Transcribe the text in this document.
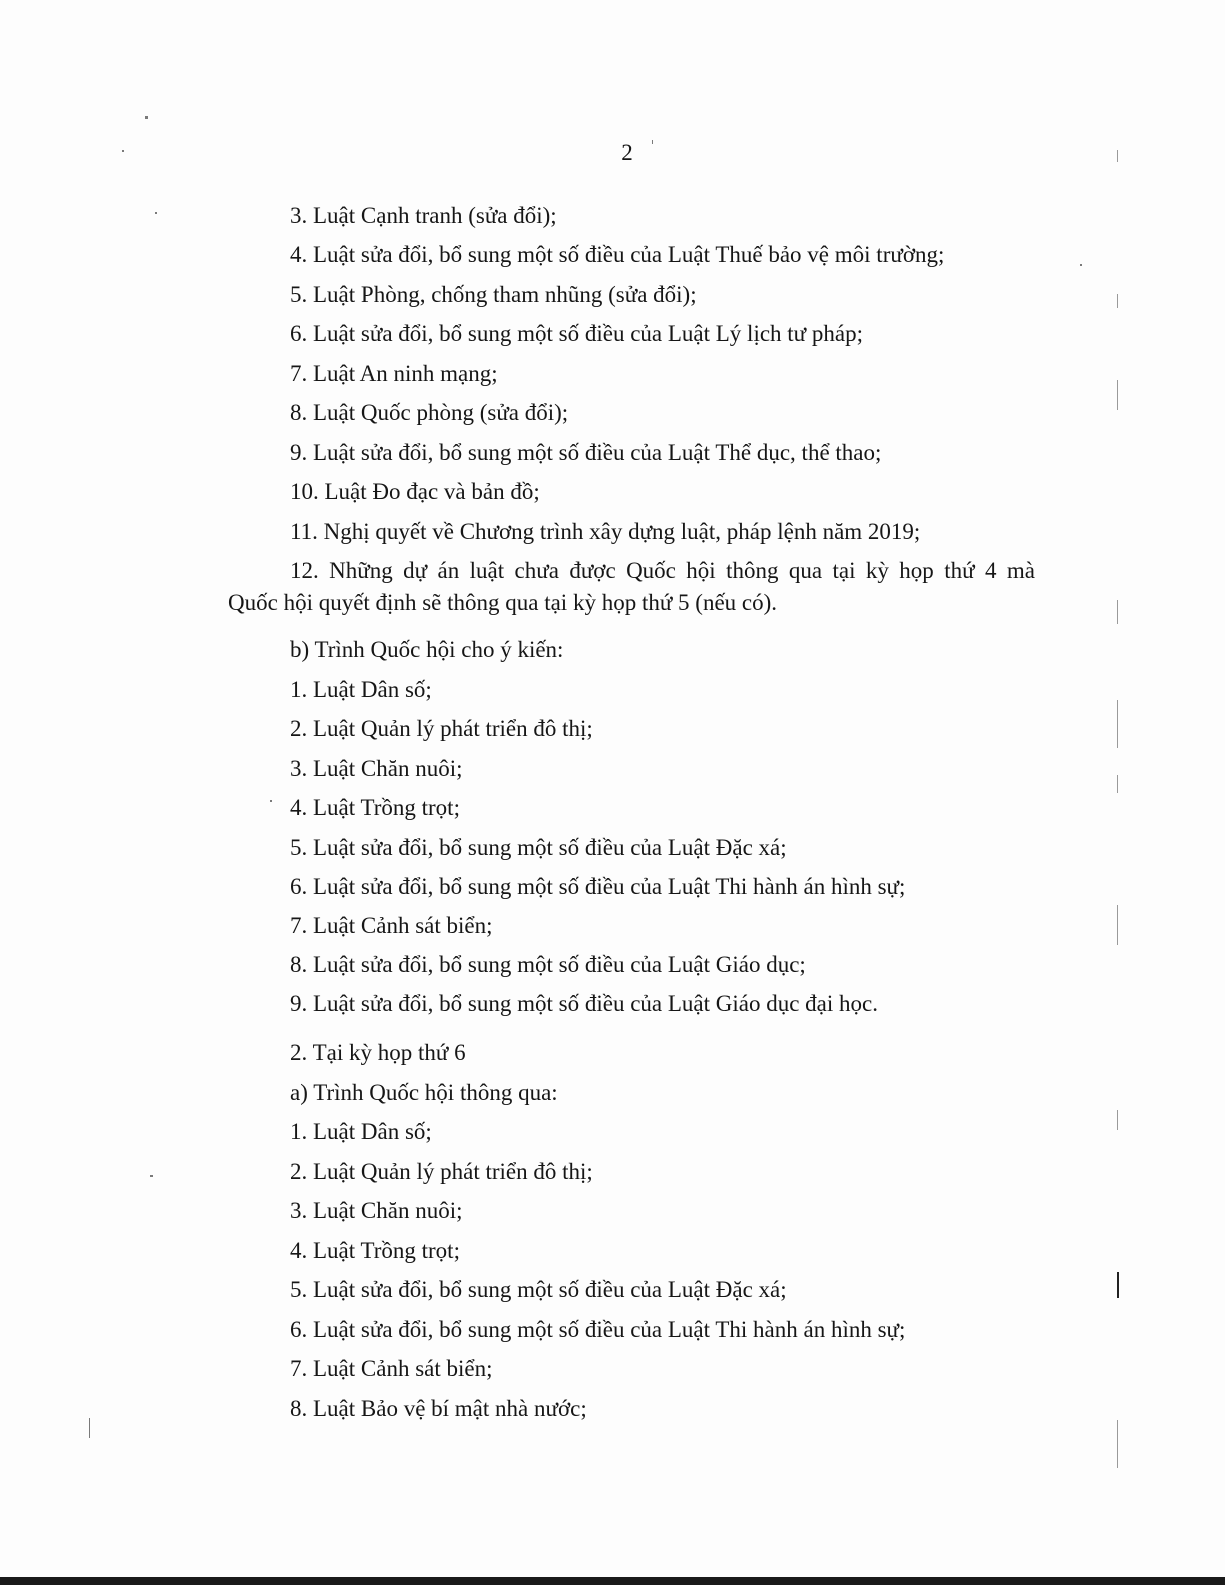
2
3. Luật Cạnh tranh (sửa đổi);
4. Luật sửa đổi, bổ sung một số điều của Luật Thuế bảo vệ môi trường;
5. Luật Phòng, chống tham nhũng (sửa đổi);
6. Luật sửa đổi, bổ sung một số điều của Luật Lý lịch tư pháp;
7. Luật An ninh mạng;
8. Luật Quốc phòng (sửa đổi);
9. Luật sửa đổi, bổ sung một số điều của Luật Thể dục, thể thao;
10. Luật Đo đạc và bản đồ;
11. Nghị quyết về Chương trình xây dựng luật, pháp lệnh năm 2019;
12. Những dự án luật chưa được Quốc hội thông qua tại kỳ họp thứ 4 mà
Quốc hội quyết định sẽ thông qua tại kỳ họp thứ 5 (nếu có).
b) Trình Quốc hội cho ý kiến:
1. Luật Dân số;
2. Luật Quản lý phát triển đô thị;
3. Luật Chăn nuôi;
4. Luật Trồng trọt;
5. Luật sửa đổi, bổ sung một số điều của Luật Đặc xá;
6. Luật sửa đổi, bổ sung một số điều của Luật Thi hành án hình sự;
7. Luật Cảnh sát biển;
8. Luật sửa đổi, bổ sung một số điều của Luật Giáo dục;
9. Luật sửa đổi, bổ sung một số điều của Luật Giáo dục đại học.
2. Tại kỳ họp thứ 6
a) Trình Quốc hội thông qua:
1. Luật Dân số;
2. Luật Quản lý phát triển đô thị;
3. Luật Chăn nuôi;
4. Luật Trồng trọt;
5. Luật sửa đổi, bổ sung một số điều của Luật Đặc xá;
6. Luật sửa đổi, bổ sung một số điều của Luật Thi hành án hình sự;
7. Luật Cảnh sát biển;
8. Luật Bảo vệ bí mật nhà nước;
